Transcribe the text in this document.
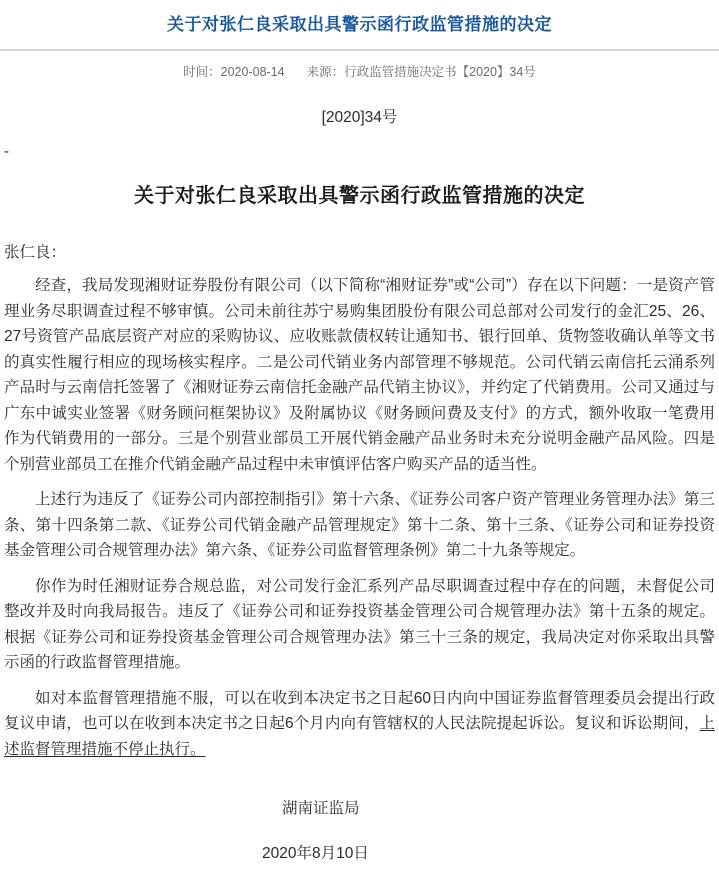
关于对张仁良采取出具警示函行政监管措施的决定
时间：2020-08-14 来源：行政监管措施决定书【2020】34号
[2020]34号
-
关于对张仁良采取出具警示函行政监管措施的决定
张仁良：

经查，我局发现湘财证券股份有限公司（以下简称“湘财证券”或“公司”）存在以下问题：一是资产管理业务尽职调查过程不够审慎。公司未前往苏宁易购集团股份有限公司总部对公司发行的金汇25、26、27号资管产品底层资产对应的采购协议、应收账款债权转让通知书、银行回单、货物签收确认单等文书的真实性履行相应的现场核实程序。二是公司代销业务内部管理不够规范。公司代销云南信托云涌系列产品时与云南信托签署了《湘财证券云南信托金融产品代销主协议》，并约定了代销费用。公司又通过与广东中诚实业签署《财务顾问框架协议》及附属协议《财务顾问费及支付》的方式，额外收取一笔费用作为代销费用的一部分。三是个别营业部员工开展代销金融产品业务时未充分说明金融产品风险。四是个别营业部员工在推介代销金融产品过程中未审慎评估客户购买产品的适当性。

上述行为违反了《证券公司内部控制指引》第十六条、《证券公司客户资产管理业务管理办法》第三条、第十四条第二款、《证券公司代销金融产品管理规定》第十二条、第十三条、《证券公司和证券投资基金管理公司合规管理办法》第六条、《证券公司监督管理条例》第二十九条等规定。

你作为时任湘财证券合规总监，对公司发行金汇系列产品尽职调查过程中存在的问题，未督促公司整改并及时向我局报告。违反了《证券公司和证券投资基金管理公司合规管理办法》第十五条的规定。根据《证券公司和证券投资基金管理公司合规管理办法》第三十三条的规定，我局决定对你采取出具警示函的行政监督管理措施。

如对本监督管理措施不服，可以在收到本决定书之日起60日内向中国证券监督管理委员会提出行政复议申请，也可以在收到本决定书之日起6个月内向有管辖权的人民法院提起诉讼。复议和诉讼期间，上述监督管理措施不停止执行。

湖南证监局
2020年8月10日
